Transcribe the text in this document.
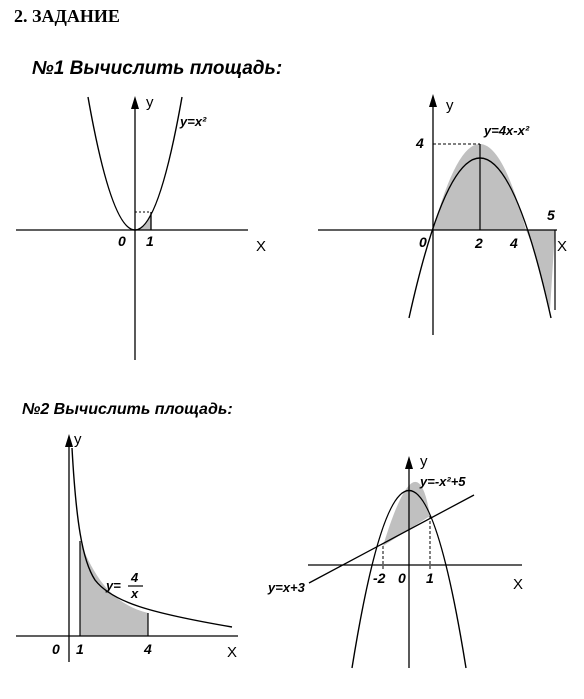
2. ЗАДАНИЕ
№1 Вычислить площадь:
№2 Вычислить площадь:
y
X
y=x²
0 1
y
X
y=4x-x²
0	2 4
5
4
y
X
y=
4
x
0 1	4
y
X
y=-x²+5
y=x+3
-2 0 1
